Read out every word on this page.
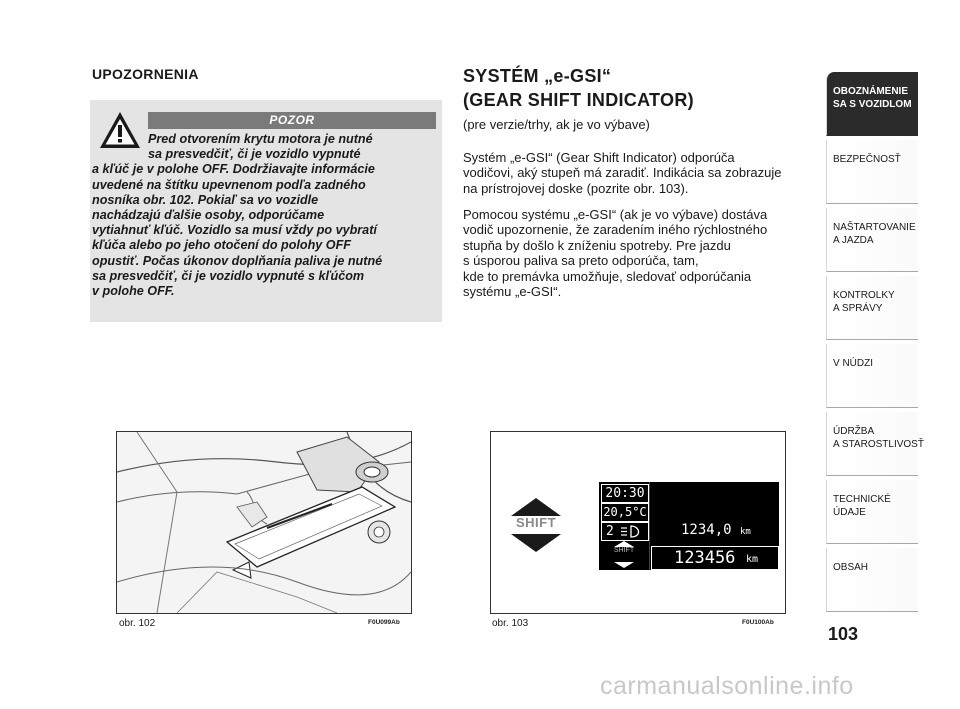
UPOZORNENIA
POZOR
Pred otvorením krytu motora je nutné
sa presvedčiť, či je vozidlo vypnuté
a kľúč je v polohe OFF. Dodržiavajte informácie
uvedené na štítku upevnenom podľa zadného
nosníka obr. 102. Pokiaľ sa vo vozidle
nachádzajú ďalšie osoby, odporúčame
vytiahnuť kľúč. Vozidlo sa musí vždy po vybratí
kľúča alebo po jeho otočení do polohy OFF
opustiť. Počas úkonov doplňania paliva je nutné
sa presvedčiť, či je vozidlo vypnuté s kľúčom
v polohe OFF.
obr. 102	F0U099Ab
SYSTÉM „e-GSI“
(GEAR SHIFT INDICATOR)
(pre verzie/trhy, ak je vo výbave)
Systém „e-GSI“ (Gear Shift Indicator) odporúča
vodičovi, aký stupeň má zaradiť. Indikácia sa zobrazuje
na prístrojovej doske (pozrite obr. 103).
Pomocou systému „e-GSI“ (ak je vo výbave) dostáva
vodič upozornenie, že zaradením iného rýchlostného
stupňa by došlo k zníženiu spotreby. Pre jazdu
s úsporou paliva sa preto odporúča, tam,
kde to premávka umožňuje, sledovať odporúčania
systému „e-GSI“.
SHIFT
20:30
20,5°C
2
SHIFT
1234,0 km
123456 km
obr. 103	F0U100Ab
OBOZNÁMENIE
SA S VOZIDLOM
BEZPEČNOSŤ
NAŠTARTOVANIE
A JAZDA
KONTROLKY
A SPRÁVY
V NÚDZI
ÚDRŽBA
A STAROSTLIVOSŤ
TECHNICKÉ
ÚDAJE
OBSAH
103
carmanualsonline.info
